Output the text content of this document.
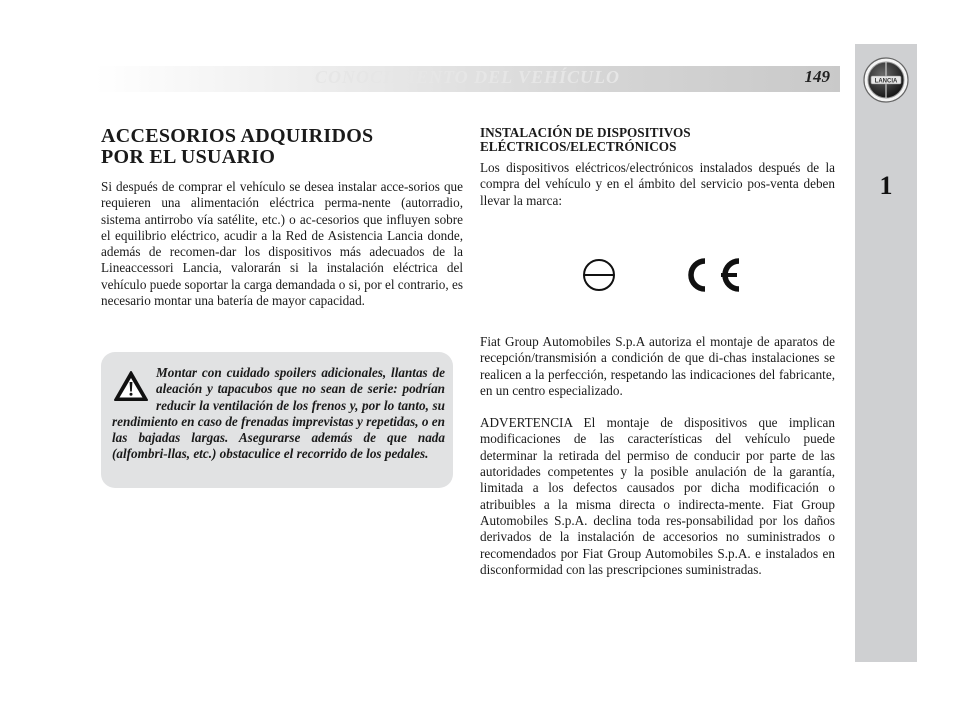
CONOCIMIENTO DEL VEHÍCULO	149	LANCIA
1
ACCESORIOS ADQUIRIDOS
POR EL USUARIO

Si después de comprar el vehículo se desea instalar acce-sorios que requieren una alimentación eléctrica perma-nente (autorradio, sistema antirrobo vía satélite, etc.) o ac-cesorios que influyen sobre el equilibrio eléctrico, acudir a la Red de Asistencia Lancia donde, además de recomen-dar los dispositivos más adecuados de la Lineaccessori Lancia, valorarán si la instalación eléctrica del vehículo puede soportar la carga demandada o si, por el contrario, es necesario montar una batería de mayor capacidad.

Montar con cuidado spoilers adicionales, llantas de aleación y tapacubos que no sean de serie: podrían reducir la ventilación de los frenos y, por lo tanto, su rendimiento en caso de frenadas imprevistas y repetidas, o en las bajadas largas. Asegurarse además de que nada (alfombri-llas, etc.) obstaculice el recorrido de los pedales.

INSTALACIÓN DE DISPOSITIVOS
ELÉCTRICOS/ELECTRÓNICOS

Los dispositivos eléctricos/electrónicos instalados después de la compra del vehículo y en el ámbito del servicio pos-venta deben llevar la marca:

Fiat Group Automobiles S.p.A autoriza el montaje de aparatos de recepción/transmisión a condición de que di-chas instalaciones se realicen a la perfección, respetando las indicaciones del fabricante, en un centro especializado.

ADVERTENCIA El montaje de dispositivos que implican modificaciones de las características del vehículo puede determinar la retirada del permiso de conducir por parte de las autoridades competentes y la posible anulación de la garantía, limitada a los defectos causados por dicha modificación o atribuibles a la misma directa o indirecta-mente. Fiat Group Automobiles S.p.A. declina toda res-ponsabilidad por los daños derivados de la instalación de accesorios no suministrados o recomendados por Fiat Group Automobiles S.p.A. e instalados en disconformidad con las prescripciones suministradas.
